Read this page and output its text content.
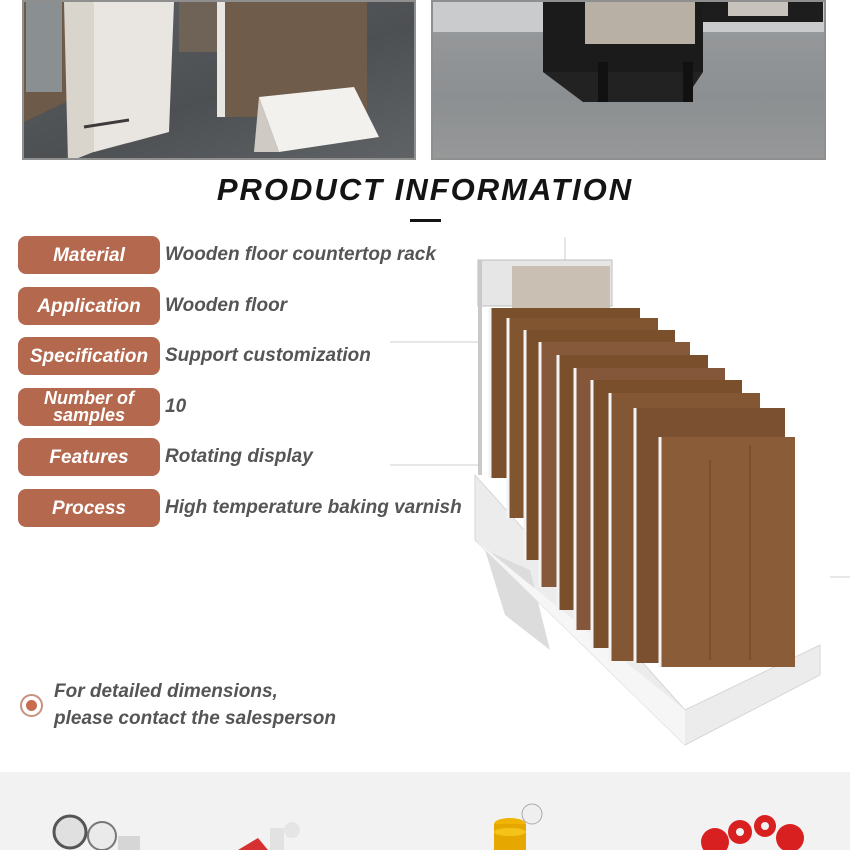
PRODUCT INFORMATION
Material	Wooden floor countertop rack
Application	Wooden floor
Specification Support customization
Number of
samples 10
Features	Rotating display
Process	High temperature baking varnish
For detailed dimensions,
please contact the salesperson
